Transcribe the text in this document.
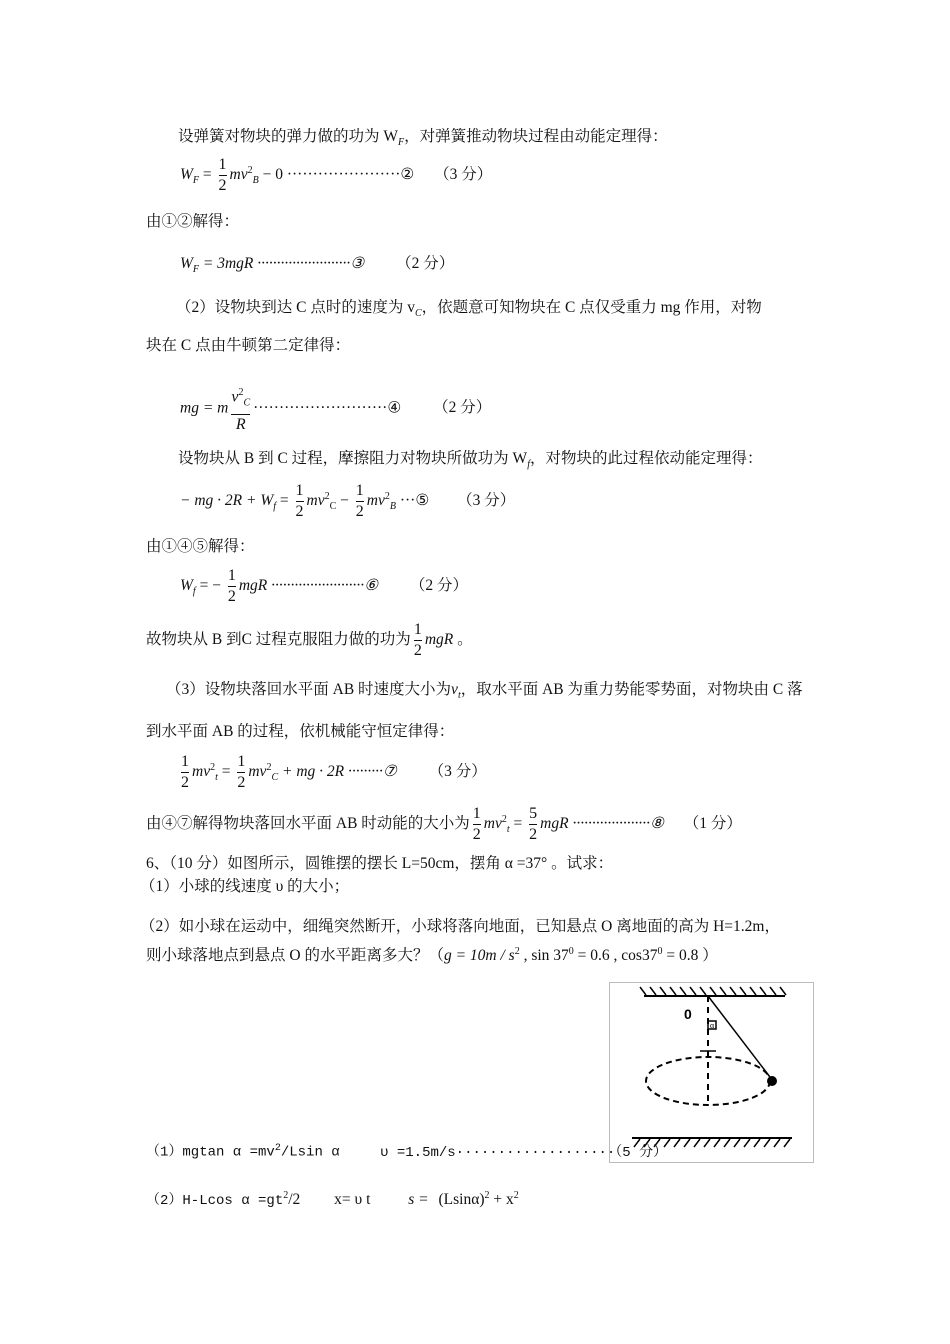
设弹簧对物块的弹力做的功为 $W_F$，对弹簧推动物块过程由动能定理得：
$W_F = \frac{1}{2} mv^2_B - 0$ ······················② （3 分）
由①②解得：
$W_F = 3mgR$ ························③ （2 分）
（2）设物块到达 C 点时的速度为 $v_C$，依题意可知物块在 C 点仅受重力 mg 作用，对物
块在 C 点由牛顿第二定律得：
mg = m $\frac{v^2_C}{R}$ ··························④ （2 分）
设物块从 B 到 C 过程，摩擦阻力对物块所做功为 $W_f$，对物块的此过程依动能定理得：
− mg · $2R + W_f = \frac{1}{2} mv^2_C - \frac{1}{2} mv^2_B$ ···⑤ （3 分）
由①④⑤解得：
$W_f$ = − $\frac{1}{2}$ mgR ························⑥ （2 分）
故物块从 B 到C 过程克服阻力做的功为 $\frac{1}{2}$ mgR 。
（3）设物块落回水平面 AB 时速度大小为$v_t$，取水平面 AB 为重力势能零势面，对物块由 C 落
到水平面 AB 的过程，依机械能守恒定律得：
$\frac{1}{2} mv^2_t = \frac{1}{2} mv^2_C$ + mg · 2R ·········⑦ （3 分）
由④⑦解得物块落回水平面 AB 时动能的大小为 $\frac{1}{2} mv^2_t = \frac{5}{2}$ mgR ····················⑧ （1 分）
6、（10 分）如图所示，圆锥摆的摆长 L=50cm，摆角 α =37° 。试求：
（1）小球的线速度 υ 的大小；
（2）如小球在运动中，细绳突然断开，小球将落向地面，已知悬点 O 离地面的高为 H=1.2m，
则小球落地点到悬点 O 的水平距离多大？（$g = 10m / s^2$ , $\sin 37^0 = 0.6$ , $\cos 37^0 = 0.8$ ）
0
α
（1）mgtan $\alpha =mv^2$/Lsin α	υ =1.5m/s···················（5 分）
（2）H-Lcos $\alpha =gt^2/2$ x= υ t $s = (Lsin\alpha)^2 + x^2$
